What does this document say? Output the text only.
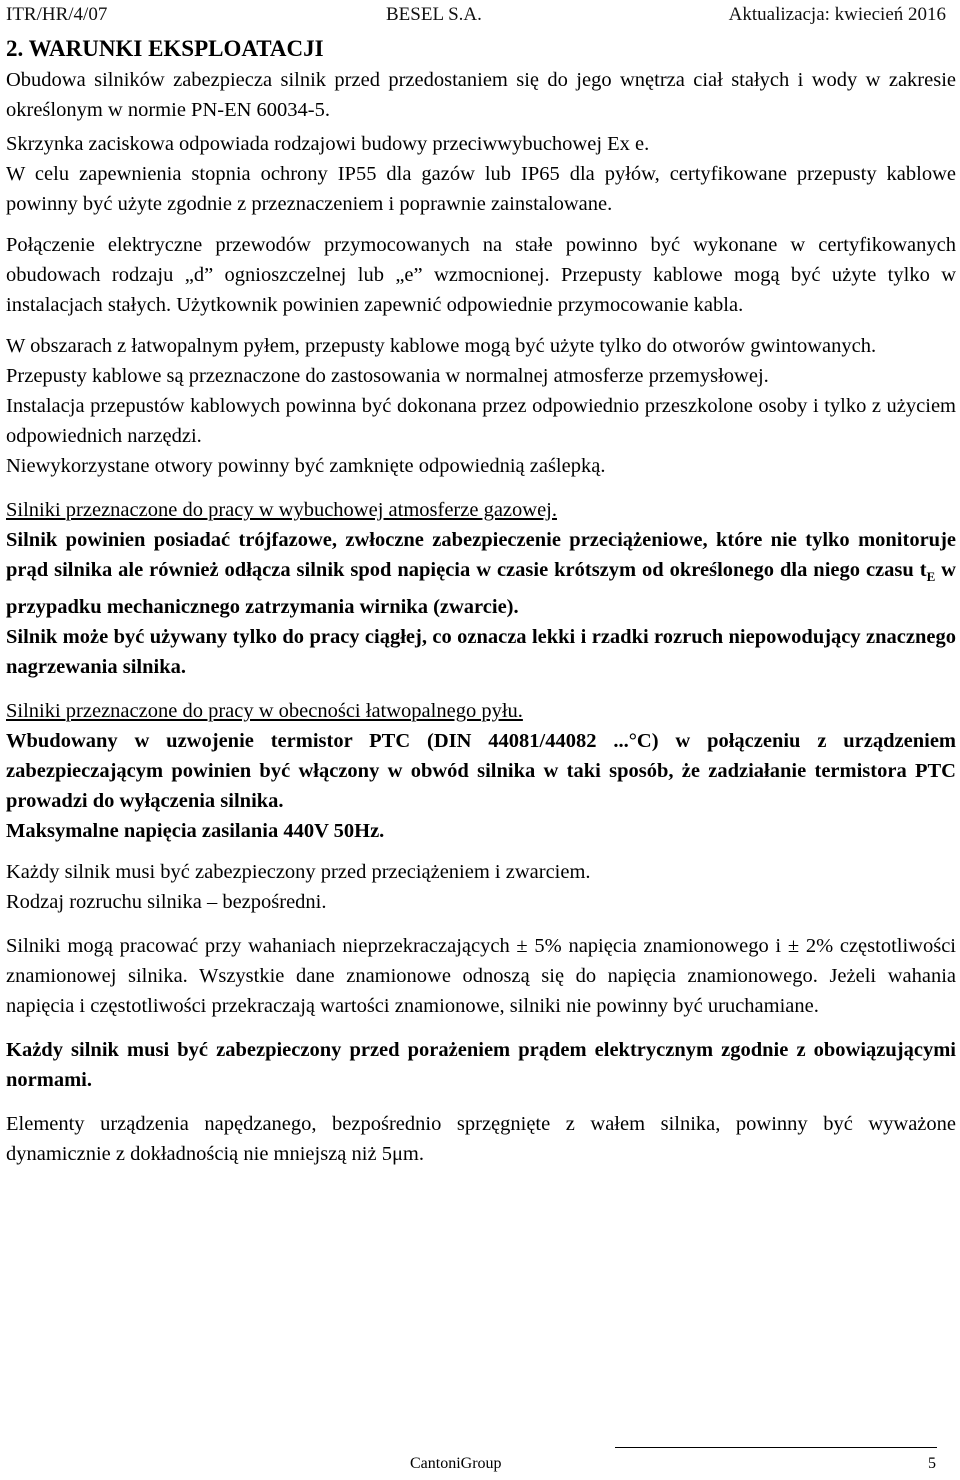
ITR/HR/4/07	BESEL S.A.	Aktualizacja: kwiecień 2016

2. WARUNKI EKSPLOATACJI

Obudowa silników zabezpiecza silnik przed przedostaniem się do jego wnętrza ciał stałych i wody w zakresie określonym w normie PN-EN 60034-5.

Skrzynka zaciskowa odpowiada rodzajowi budowy przeciwwybuchowej Ex e.

W celu zapewnienia stopnia ochrony IP55 dla gazów lub IP65 dla pyłów, certyfikowane przepusty kablowe powinny być użyte zgodnie z przeznaczeniem i poprawnie zainstalowane.

Połączenie elektryczne przewodów przymocowanych na stałe powinno być wykonane w certyfikowanych obudowach rodzaju „d” ognioszczelnej lub „e” wzmocnionej. Przepusty kablowe mogą być użyte tylko w instalacjach stałych. Użytkownik powinien zapewnić odpowiednie przymocowanie kabla.

W obszarach z łatwopalnym pyłem, przepusty kablowe mogą być użyte tylko do otworów gwintowanych.

Przepusty kablowe są przeznaczone do zastosowania w normalnej atmosferze przemysłowej.

Instalacja przepustów kablowych powinna być dokonana przez odpowiednio przeszkolone osoby i tylko z użyciem odpowiednich narzędzi.

Niewykorzystane otwory powinny być zamknięte odpowiednią zaślepką.

Silniki przeznaczone do pracy w wybuchowej atmosferze gazowej.

Silnik powinien posiadać trójfazowe, zwłoczne zabezpieczenie przeciążeniowe, które nie tylko monitoruje prąd silnika ale również odłącza silnik spod napięcia w czasie krótszym od określonego dla niego czasu $t_E$ w przypadku mechanicznego zatrzymania wirnika (zwarcie).

Silnik może być używany tylko do pracy ciągłej, co oznacza lekki i rzadki rozruch niepowodujący znacznego nagrzewania silnika.

Silniki przeznaczone do pracy w obecności łatwopalnego pyłu.

Wbudowany w uzwojenie termistor PTC (DIN 44081/44082 ...°C) w połączeniu z urządzeniem zabezpieczającym powinien być włączony w obwód silnika w taki sposób, że zadziałanie termistora PTC prowadzi do wyłączenia silnika.

Maksymalne napięcia zasilania 440V 50Hz.

Każdy silnik musi być zabezpieczony przed przeciążeniem i zwarciem.

Rodzaj rozruchu silnika – bezpośredni.

Silniki mogą pracować przy wahaniach nieprzekraczających ± 5% napięcia znamionowego i ± 2% częstotliwości znamionowej silnika. Wszystkie dane znamionowe odnoszą się do napięcia znamionowego. Jeżeli wahania napięcia i częstotliwości przekraczają wartości znamionowe, silniki nie powinny być uruchamiane.

Każdy silnik musi być zabezpieczony przed porażeniem prądem elektrycznym zgodnie z obowiązującymi normami.

Elementy urządzenia napędzanego, bezpośrednio sprzęgnięte z wałem silnika, powinny być wyważone dynamicznie z dokładnością nie mniejszą niż 5μm.

CantoniGroup	5
